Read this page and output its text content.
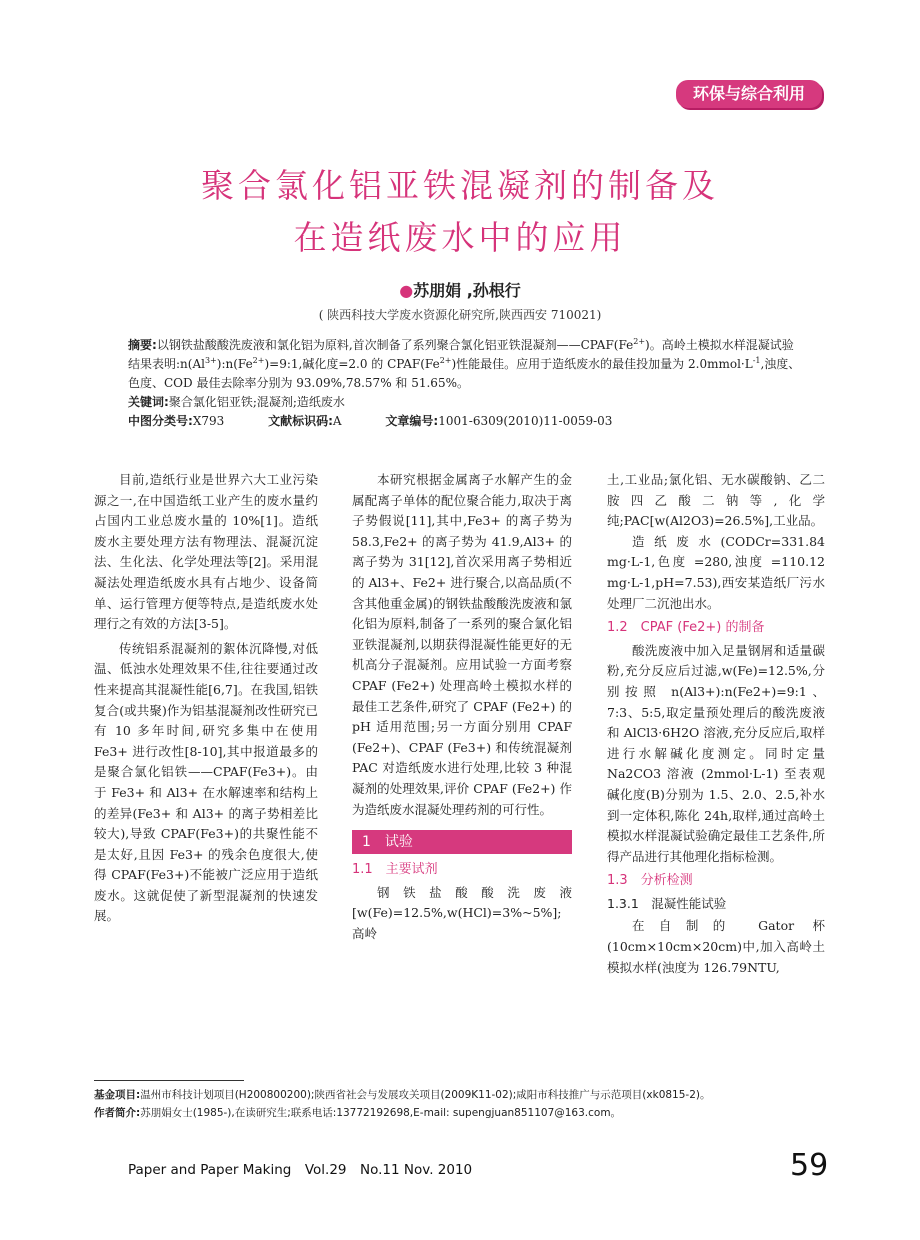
环保与综合利用
聚合氯化铝亚铁混凝剂的制备及
在造纸废水中的应用
●苏朋娟 ,孙根行
( 陕西科技大学废水资源化研究所,陕西西安 710021)
摘要:以钢铁盐酸酸洗废液和氯化铝为原料,首次制备了系列聚合氯化铝亚铁混凝剂$——CPAF(Fe^{2+})$。高岭土模拟水样混凝试验结果表明$:n(Al^{3+}):n(Fe^{2+})=9:1$,碱化度=2.0 的 $CPAF(Fe^{2+})$性能最佳。应用于造纸废水的最佳投加量为 $2.0mmol\cdot L^{-1}$,浊度、色度、COD 最佳去除率分别为 93.09%,78.57% 和 51.65%。
关键词:聚合氯化铝亚铁;混凝剂;造纸废水
中图分类号:X793	文献标识码:A	文章编号:1001-6309(2010)11-0059-03

目前,造纸行业是世界六大工业污染源之一,在中国造纸工业产生的废水量约占国内工业总废水量的 10%[1]。造纸废水主要处理方法有物理法、混凝沉淀法、生化法、化学处理法等[2]。采用混凝法处理造纸废水具有占地少、设备简单、运行管理方便等特点,是造纸废水处理行之有效的方法[3-5]。

传统铝系混凝剂的絮体沉降慢,对低温、低浊水处理效果不佳,往往要通过改性来提高其混凝性能[6,7]。在我国,铝铁复合(或共聚)作为铝基混凝剂改性研究已有 10 多年时间,研究多集中在使用 Fe3+ 进行改性[8-10],其中报道最多的是聚合氯化铝铁——CPAF(Fe3+)。由于 Fe3+ 和 Al3+ 在水解速率和结构上的差异(Fe3+ 和 Al3+ 的离子势相差比较大),导致 CPAF(Fe3+)的共聚性能不是太好,且因 Fe3+ 的残余色度很大,使得 CPAF(Fe3+)不能被广泛应用于造纸废水。这就促使了新型混凝剂的快速发展。

本研究根据金属离子水解产生的金属配离子单体的配位聚合能力,取决于离子势假说[11],其中,Fe3+ 的离子势为 58.3,Fe2+ 的离子势为 41.9,Al3+ 的离子势为 31[12],首次采用离子势相近的 Al3+、Fe2+ 进行聚合,以高品质(不含其他重金属)的钢铁盐酸酸洗废液和氯化铝为原料,制备了一系列的聚合氯化铝亚铁混凝剂,以期获得混凝性能更好的无机高分子混凝剂。应用试验一方面考察 CPAF (Fe2+) 处理高岭土模拟水样的最佳工艺条件,研究了 CPAF (Fe2+) 的 pH 适用范围;另一方面分别用 CPAF (Fe2+)、CPAF (Fe3+) 和传统混凝剂 PAC 对造纸废水进行处理,比较 3 种混凝剂的处理效果,评价 CPAF (Fe2+) 作为造纸废水混凝处理药剂的可行性。

1　试验
1.1　主要试剂

钢铁盐酸酸洗废液[w(Fe)=12.5%,w(HCl)=3%~5%];高岭

土,工业品;氯化铝、无水碳酸钠、乙二胺四乙酸二钠等,化学纯;PAC[w(Al2O3)=26.5%],工业品。

造纸废水(CODCr=331.84 mg·L-1,色度 =280,浊度 =110.12 mg·L-1,pH=7.53),西安某造纸厂污水处理厂二沉池出水。

1.2　CPAF (Fe2+) 的制备

酸洗废液中加入足量钢屑和适量碳粉,充分反应后过滤,w(Fe)=12.5%,分别按照 n(Al3+):n(Fe2+)=9:1、7:3、5:5,取定量预处理后的酸洗废液和 AlCl3·6H2O 溶液,充分反应后,取样进行水解碱化度测定。同时定量 Na2CO3 溶液 (2mmol·L-1) 至表观碱化度(B)分别为 1.5、2.0、2.5,补水到一定体积,陈化 24h,取样,通过高岭土模拟水样混凝试验确定最佳工艺条件,所得产品进行其他理化指标检测。

1.3　分析检测
1.3.1　混凝性能试验

在自制的 Gator 杯(10cm×10cm×20cm)中,加入高岭土模拟水样(浊度为 126.79NTU,

基金项目:温州市科技计划项目(H200800200);陕西省社会与发展攻关项目(2009K11-02);咸阳市科技推广与示范项目(xk0815-2)。
作者简介:苏朋娟女士(1985-),在读研究生;联系电话:13772192698,E-mail: supengjuan851107@163.com。
Paper and Paper Making　Vol.29　No.11 Nov. 2010	59
